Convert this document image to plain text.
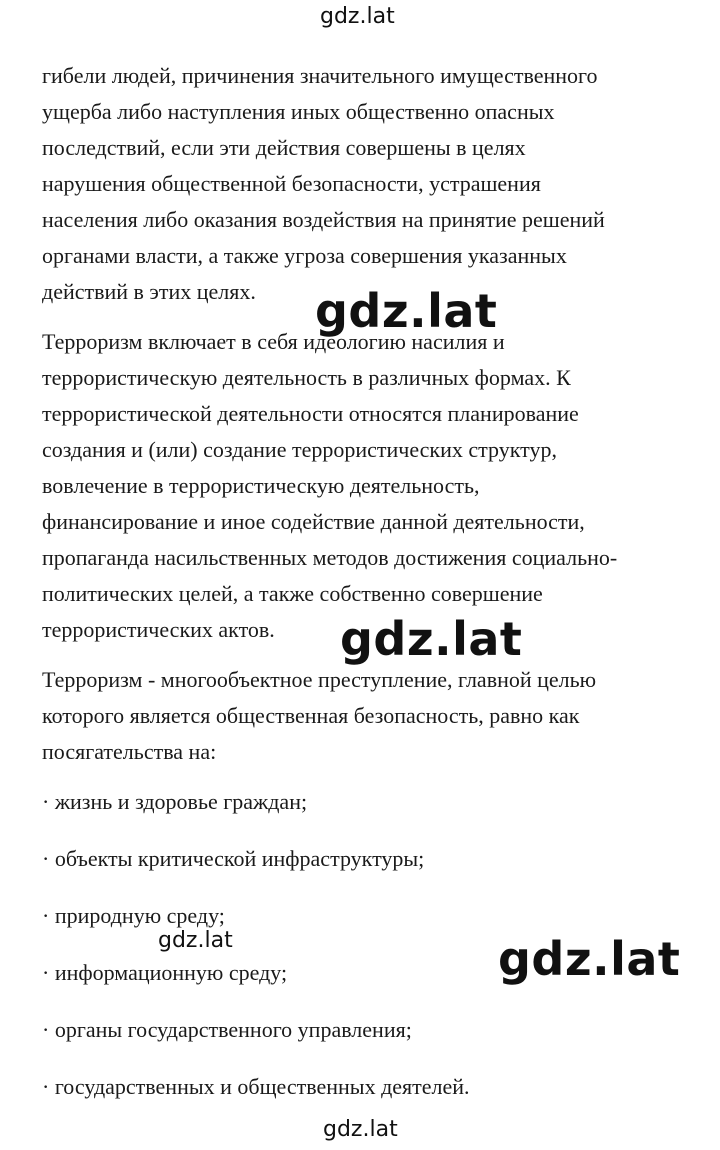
gdz.lat
гибели людей, причинения значительного имущественного
ущерба либо наступления иных общественно опасных
последствий, если эти действия совершены в целях
нарушения общественной безопасности, устрашения
населения либо оказания воздействия на принятие решений
органами власти, а также угроза совершения указанных
действий в этих целях.
Терроризм включает в себя идеологию насилия и
террористическую деятельность в различных формах. К
террористической деятельности относятся планирование
создания и (или) создание террористических структур,
вовлечение в террористическую деятельность,
финансирование и иное содействие данной деятельности,
пропаганда насильственных методов достижения социально-
политических целей, а также собственно совершение
террористических актов.
Терроризм - многообъектное преступление, главной целью
которого является общественная безопасность, равно как
посягательства на:
· жизнь и здоровье граждан;
· объекты критической инфраструктуры;
· природную среду;
· информационную среду;
· органы государственного управления;
· государственных и общественных деятелей.
gdz.lat
gdz.lat
gdz.lat	gdz.lat
gdz.lat
